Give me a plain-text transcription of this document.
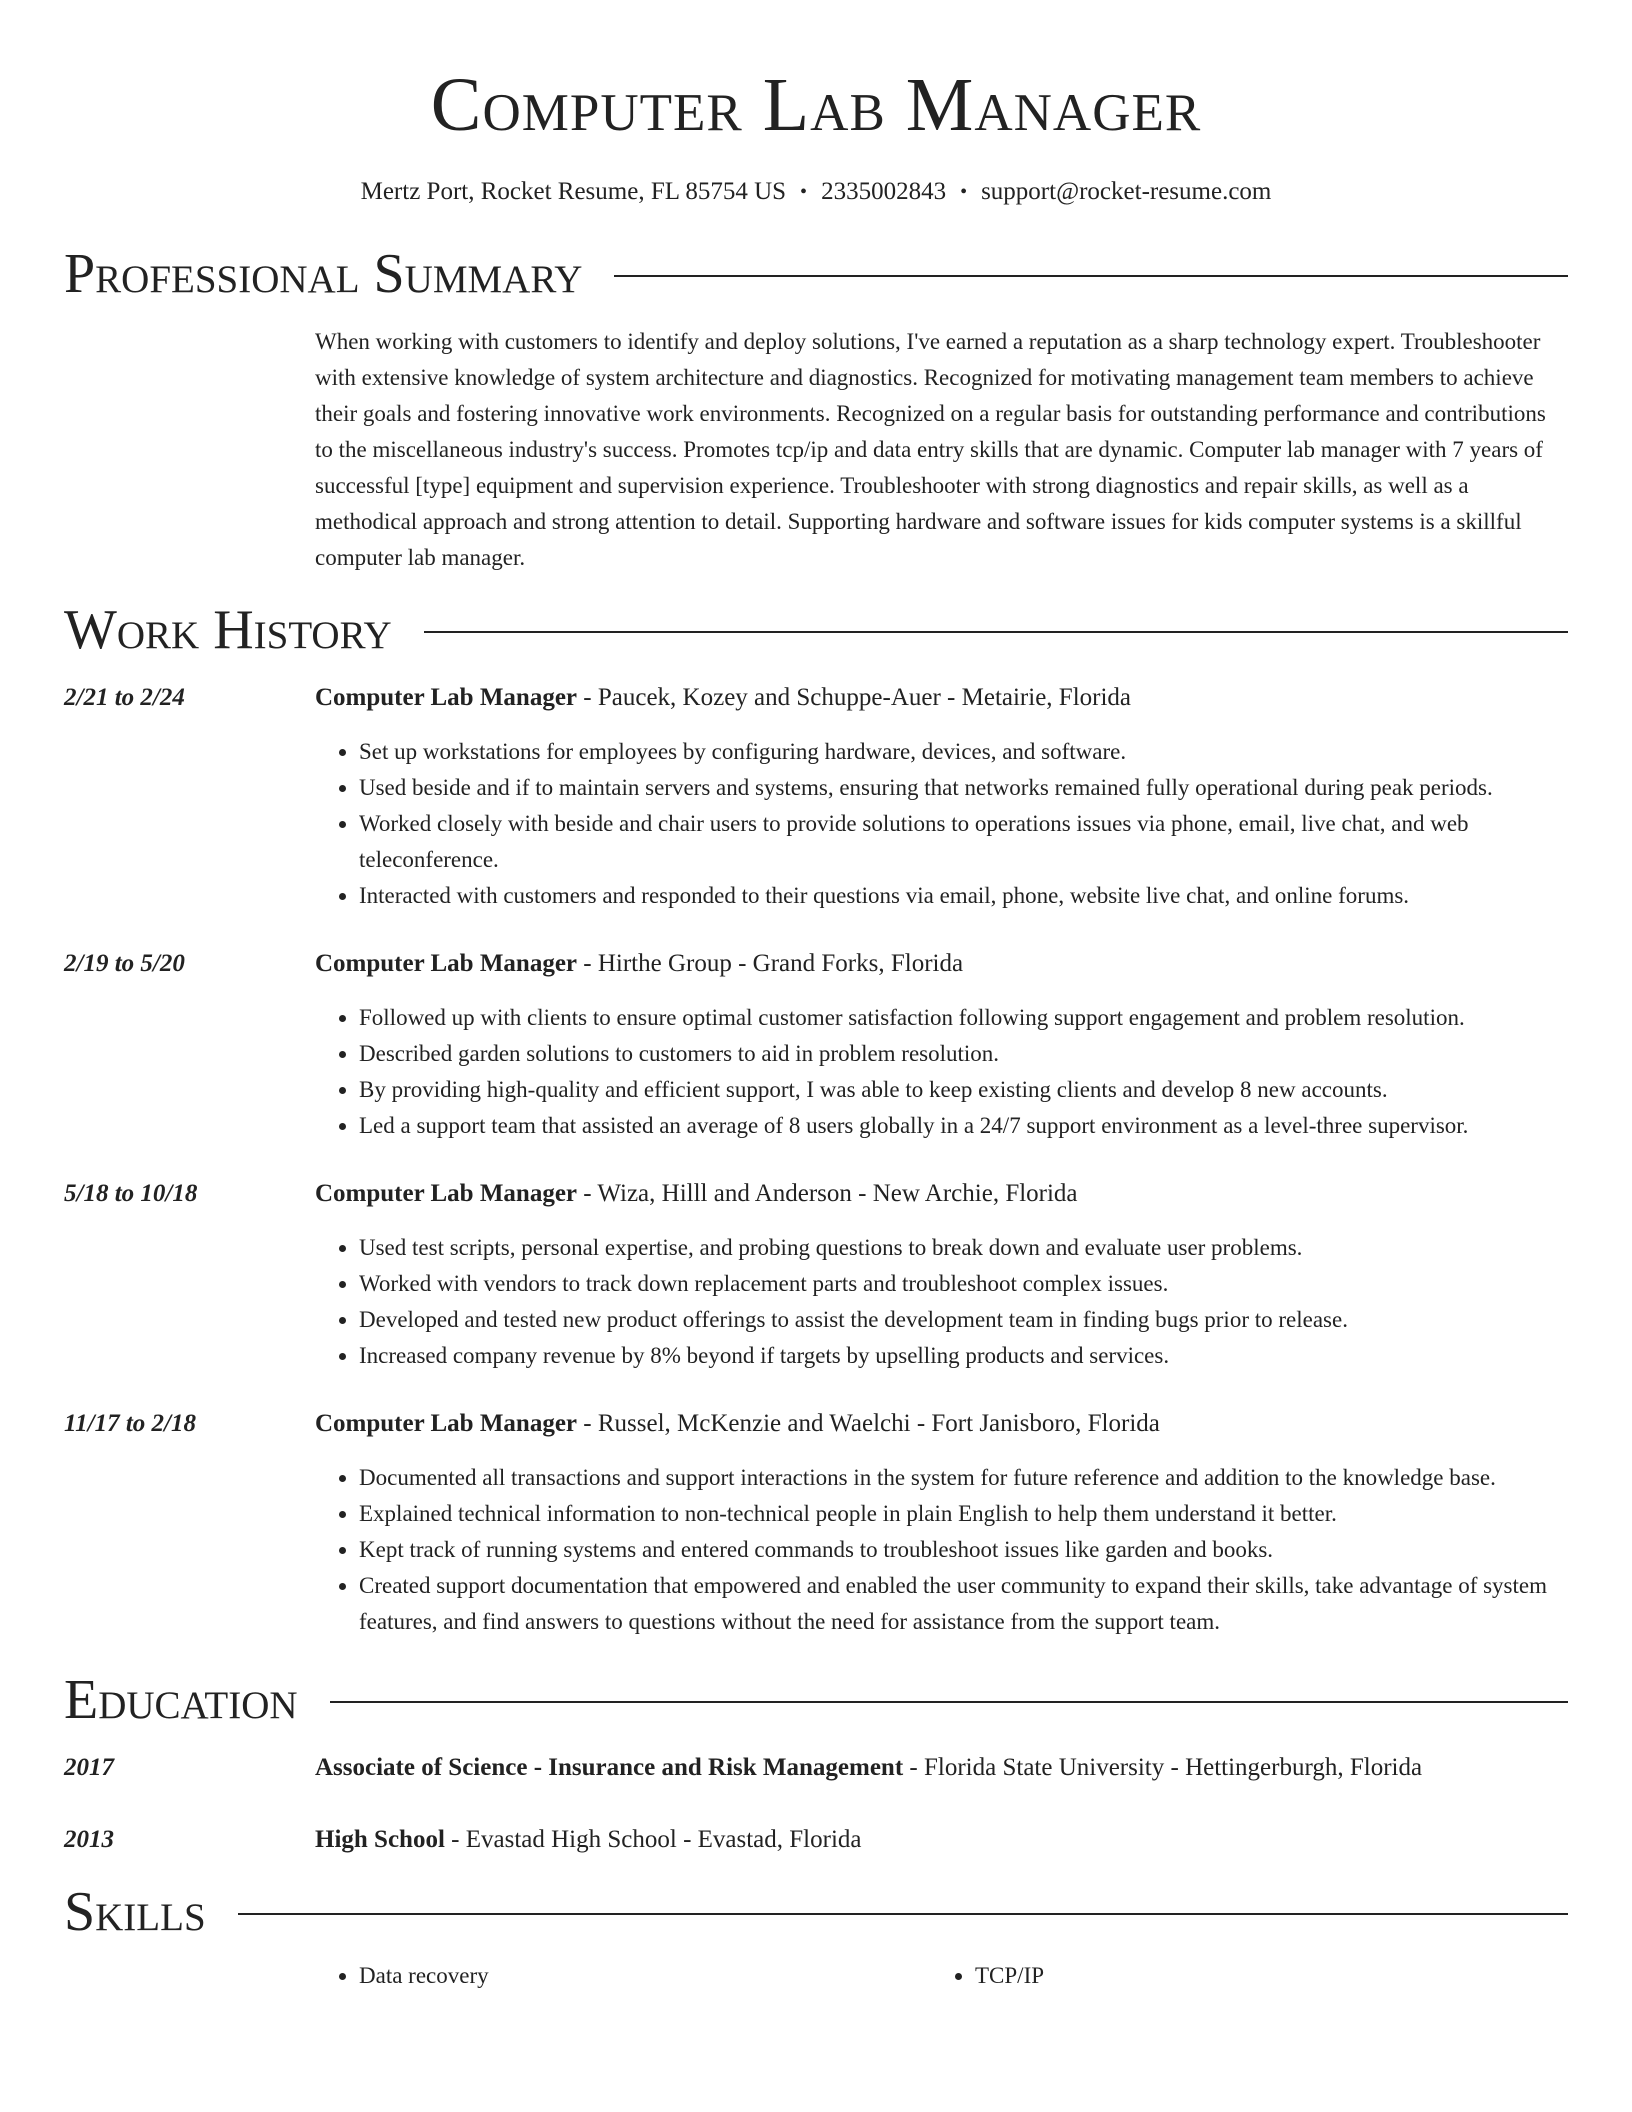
Computer Lab Manager
Mertz Port, Rocket Resume, FL 85754 US • 2335002843 • support@rocket-resume.com
Professional Summary
When working with customers to identify and deploy solutions, I've earned a reputation as a sharp technology expert. Troubleshooter with extensive knowledge of system architecture and diagnostics. Recognized for motivating management team members to achieve their goals and fostering innovative work environments. Recognized on a regular basis for outstanding performance and contributions to the miscellaneous industry's success. Promotes tcp/ip and data entry skills that are dynamic. Computer lab manager with 7 years of successful [type] equipment and supervision experience. Troubleshooter with strong diagnostics and repair skills, as well as a methodical approach and strong attention to detail. Supporting hardware and software issues for kids computer systems is a skillful computer lab manager.
Work History
2/21 to 2/24	Computer Lab Manager - Paucek, Kozey and Schuppe-Auer - Metairie, Florida
• Set up workstations for employees by configuring hardware, devices, and software.
• Used beside and if to maintain servers and systems, ensuring that networks remained fully operational during peak periods.
• Worked closely with beside and chair users to provide solutions to operations issues via phone, email, live chat, and web teleconference.
• Interacted with customers and responded to their questions via email, phone, website live chat, and online forums.
2/19 to 5/20	Computer Lab Manager - Hirthe Group - Grand Forks, Florida
• Followed up with clients to ensure optimal customer satisfaction following support engagement and problem resolution.
• Described garden solutions to customers to aid in problem resolution.
• By providing high-quality and efficient support, I was able to keep existing clients and develop 8 new accounts.
• Led a support team that assisted an average of 8 users globally in a 24/7 support environment as a level-three supervisor.
5/18 to 10/18	Computer Lab Manager - Wiza, Hilll and Anderson - New Archie, Florida
• Used test scripts, personal expertise, and probing questions to break down and evaluate user problems.
• Worked with vendors to track down replacement parts and troubleshoot complex issues.
• Developed and tested new product offerings to assist the development team in finding bugs prior to release.
• Increased company revenue by 8% beyond if targets by upselling products and services.
11/17 to 2/18	Computer Lab Manager - Russel, McKenzie and Waelchi - Fort Janisboro, Florida
• Documented all transactions and support interactions in the system for future reference and addition to the knowledge base.
• Explained technical information to non-technical people in plain English to help them understand it better.
• Kept track of running systems and entered commands to troubleshoot issues like garden and books.
• Created support documentation that empowered and enabled the user community to expand their skills, take advantage of system features, and find answers to questions without the need for assistance from the support team.
Education
2017	Associate of Science - Insurance and Risk Management - Florida State University - Hettingerburgh, Florida
2013	High School - Evastad High School - Evastad, Florida
Skills
• Data recovery
•	TCP/IP
